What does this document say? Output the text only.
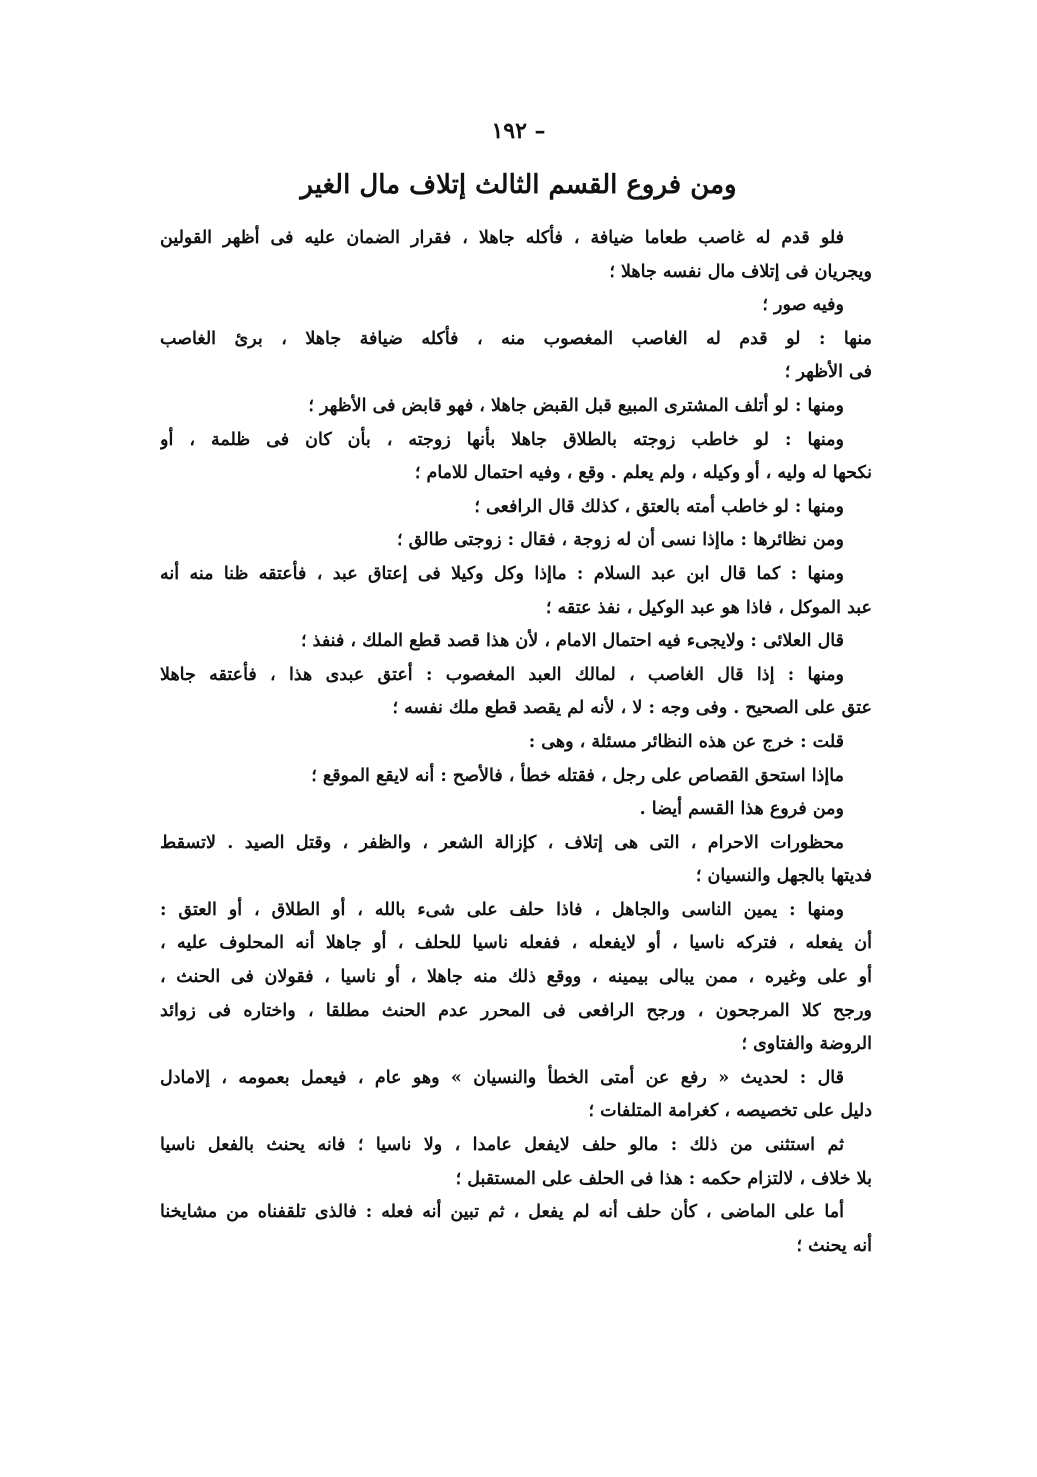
– ١٩٢
ومن فروع القسم الثالث إتلاف مال الغير
فلو قدم له غاصب طعاما ضيافة ، فأكله جاهلا ، فقرار الضمان عليه فى أظهر القولين
ويجريان فى إتلاف مال نفسه جاهلا ؛
وفيه صور ؛
منها : لو قدم له الغاصب المغصوب منه ، فأكله ضيافة جاهلا ، برئ الغاصب
فى الأظهر ؛
ومنها : لو أتلف المشترى المبيع قبل القبض جاهلا ، فهو قابض فى الأظهر ؛
ومنها : لو خاطب زوجته بالطلاق جاهلا بأنها زوجته ، بأن كان فى ظلمة ، أو
نكحها له وليه ، أو وكيله ، ولم يعلم . وقع ، وفيه احتمال للامام ؛
ومنها : لو خاطب أمته بالعتق ، كذلك قال الرافعى ؛
ومن نظائرها : ماإذا نسى أن له زوجة ، فقال : زوجتى طالق ؛
ومنها : كما قال ابن عبد السلام : ماإذا وكل وكيلا فى إعتاق عبد ، فأعتقه ظنا منه أنه
عبد الموكل ، فاذا هو عبد الوكيل ، نفذ عتقه ؛
قال العلائى : ولايجىء فيه احتمال الامام ، لأن هذا قصد قطع الملك ، فنفذ ؛
ومنها : إذا قال الغاصب ، لمالك العبد المغصوب : أعتق عبدى هذا ، فأعتقه جاهلا
عتق على الصحيح . وفى وجه : لا ، لأنه لم يقصد قطع ملك نفسه ؛
قلت : خرج عن هذه النظائر مسئلة ، وهى :
ماإذا استحق القصاص على رجل ، فقتله خطأ ، فالأصح : أنه لايقع الموقع ؛
ومن فروع هذا القسم أيضا .
محظورات الاحرام ، التى هى إتلاف ، كإزالة الشعر ، والظفر ، وقتل الصيد . لاتسقط
فديتها بالجهل والنسيان ؛
ومنها : يمين الناسى والجاهل ، فاذا حلف على شىء بالله ، أو الطلاق ، أو العتق :
أن يفعله ، فتركه ناسيا ، أو لايفعله ، ففعله ناسيا للحلف ، أو جاهلا أنه المحلوف عليه ،
أو على وغيره ، ممن يبالى بيمينه ، ووقع ذلك منه جاهلا ، أو ناسيا ، فقولان فى الحنث ،
ورجح كلا المرجحون ، ورجح الرافعى فى المحرر عدم الحنث مطلقا ، واختاره فى زوائد
الروضة والفتاوى ؛
قال : لحديث « رفع عن أمتى الخطأ والنسيان » وهو عام ، فيعمل بعمومه ، إلامادل
دليل على تخصيصه ، كغرامة المتلفات ؛
ثم استثنى من ذلك : مالو حلف لايفعل عامدا ، ولا ناسيا ؛ فانه يحنث بالفعل ناسيا
بلا خلاف ، لالتزام حكمه : هذا فى الحلف على المستقبل ؛
أما على الماضى ، كأن حلف أنه لم يفعل ، ثم تبين أنه فعله : فالذى تلقفناه من مشايخنا
أنه يحنث ؛
